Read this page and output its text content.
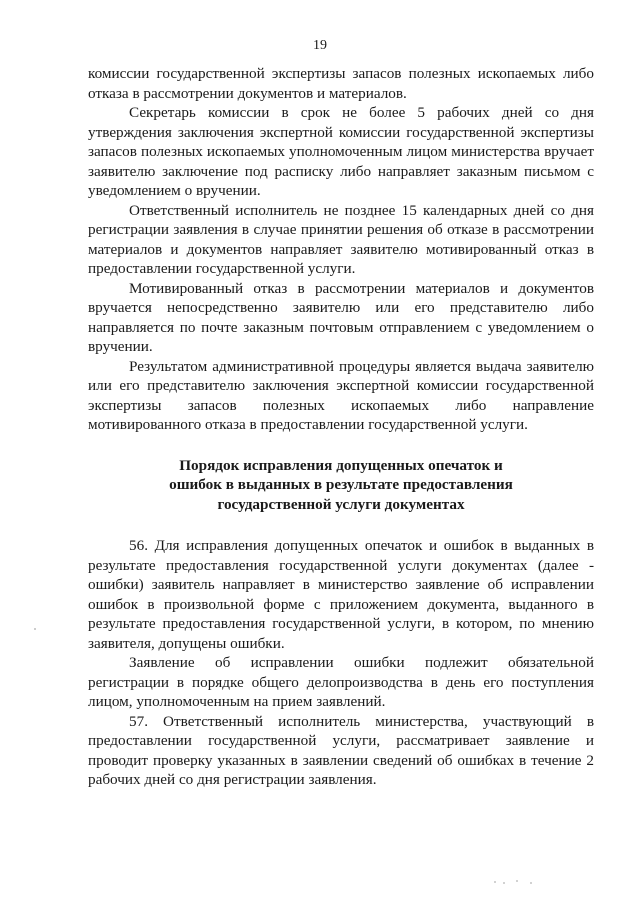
19

комиссии государственной экспертизы запасов полезных ископаемых либо отказа в рассмотрении документов и материалов.

Секретарь комиссии в срок не более 5 рабочих дней со дня утверждения заключения экспертной комиссии государственной экспертизы запасов полезных ископаемых уполномоченным лицом министерства вручает заявителю заключение под расписку либо направляет заказным письмом с уведомлением о вручении.

Ответственный исполнитель не позднее 15 календарных дней со дня регистрации заявления в случае принятии решения об отказе в рассмотрении материалов и документов направляет заявителю мотивированный отказ в предоставлении государственной услуги.

Мотивированный отказ в рассмотрении материалов и документов вручается непосредственно заявителю или его представителю либо направляется по почте заказным почтовым отправлением с уведомлением о вручении.

Результатом административной процедуры является выдача заявителю или его представителю заключения экспертной комиссии государственной экспертизы запасов полезных ископаемых либо направление мотивированного отказа в предоставлении государственной услуги.

Порядок исправления допущенных опечаток и
ошибок в выданных в результате предоставления
государственной услуги документах

56. Для исправления допущенных опечаток и ошибок в выданных в результате предоставления государственной услуги документах (далее - ошибки) заявитель направляет в министерство заявление об исправлении ошибок в произвольной форме с приложением документа, выданного в результате предоставления государственной услуги, в котором, по мнению заявителя, допущены ошибки.

Заявление об исправлении ошибки подлежит обязательной регистрации в порядке общего делопроизводства в день его поступления лицом, уполномоченным на прием заявлений.

57. Ответственный исполнитель министерства, участвующий в предоставлении государственной услуги, рассматривает заявление и проводит проверку указанных в заявлении сведений об ошибках в течение 2 рабочих дней со дня регистрации заявления.
